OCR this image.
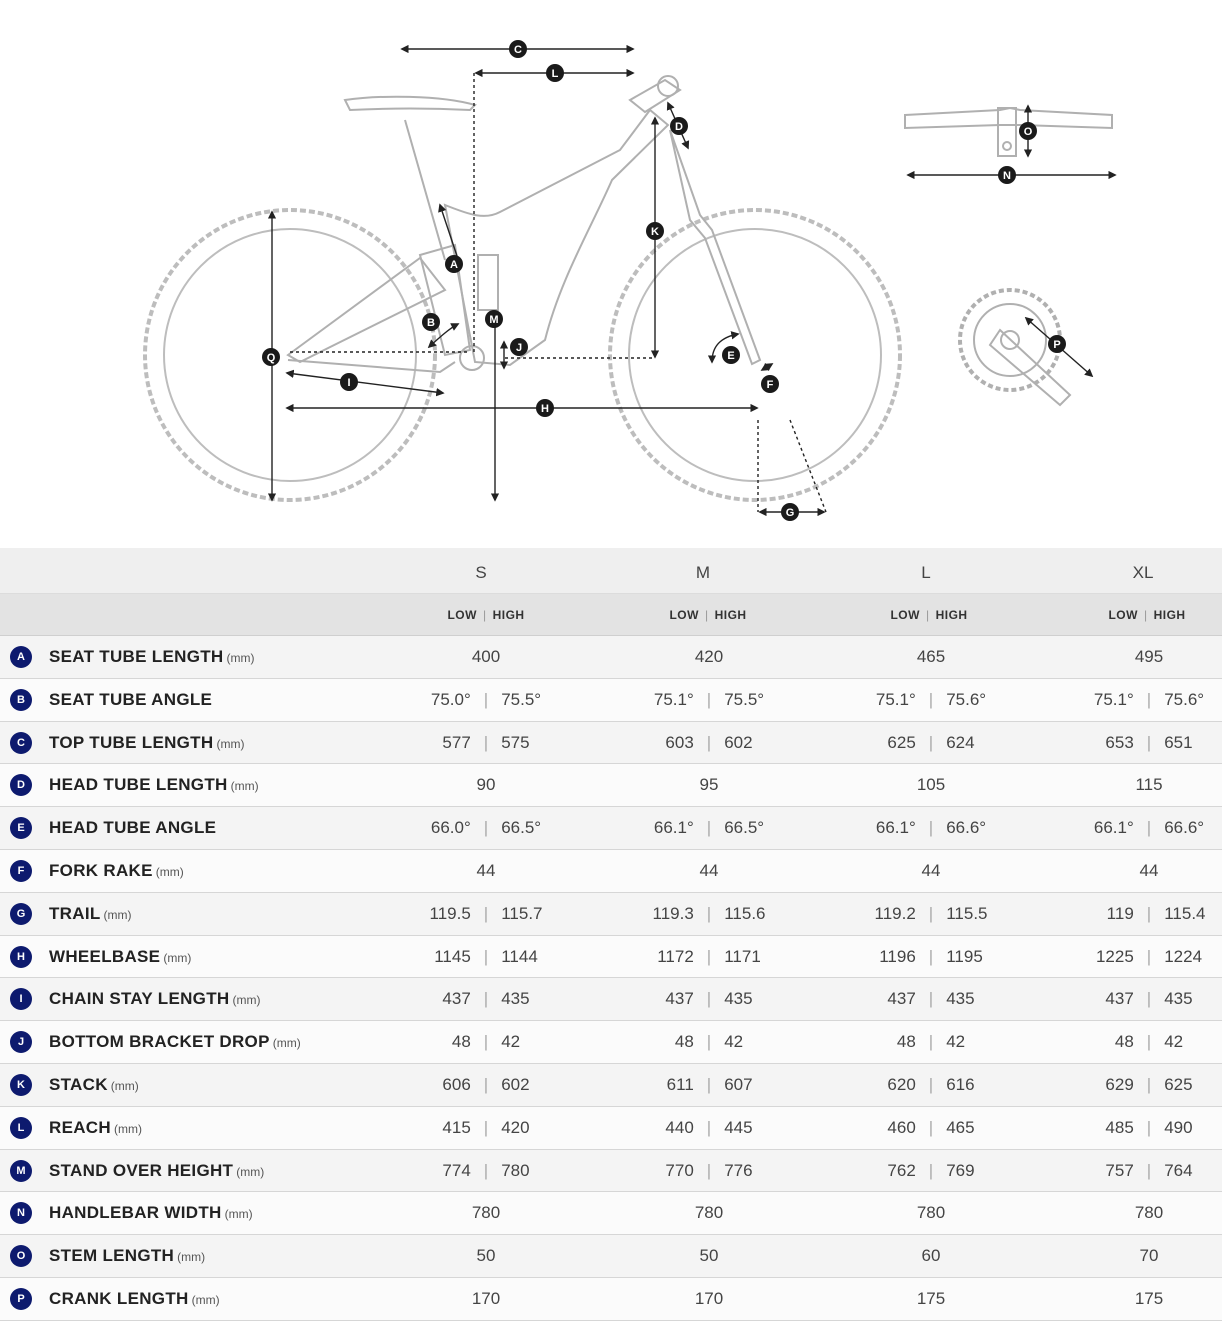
A
B
C
D
E
F
G
H
I
J
K
L
M
N
O
P
Q
S	M	L	XL
LOW | HIGH	LOW | HIGH	LOW | HIGH	LOW | HIGH
A	SEAT TUBE LENGTH (mm)	400	420	465	495
B	SEAT TUBE ANGLE	75.0° | 75.5°	75.1° | 75.5°	75.1° | 75.6°	75.1° | 75.6°
C	TOP TUBE LENGTH (mm)	577 | 575	603 | 602	625 | 624	653 | 651
D	HEAD TUBE LENGTH (mm)	90	95	105	115
E	HEAD TUBE ANGLE	66.0° | 66.5°	66.1° | 66.5°	66.1° | 66.6°	66.1° | 66.6°
F	FORK RAKE (mm)	44	44	44	44
G	TRAIL (mm)	119.5 | 115.7	119.3 | 115.6	119.2 | 115.5	119 | 115.4
H	WHEELBASE (mm)	1145 | 1144	1172 | 1171	1196 | 1195	1225 | 1224
I	CHAIN STAY LENGTH (mm)	437 | 435	437 | 435	437 | 435	437 | 435
J	BOTTOM BRACKET DROP (mm)	48 | 42	48 | 42	48 | 42	48 | 42
K	STACK (mm)	606 | 602	611 | 607	620 | 616	629 | 625
L	REACH (mm)	415 | 420	440 | 445	460 | 465	485 | 490
M	STAND OVER HEIGHT (mm)	774 | 780	770 | 776	762 | 769	757 | 764
N	HANDLEBAR WIDTH (mm)	780	780	780	780
O	STEM LENGTH (mm)	50	50	60	70
P	CRANK LENGTH (mm)	170	170	175	175
